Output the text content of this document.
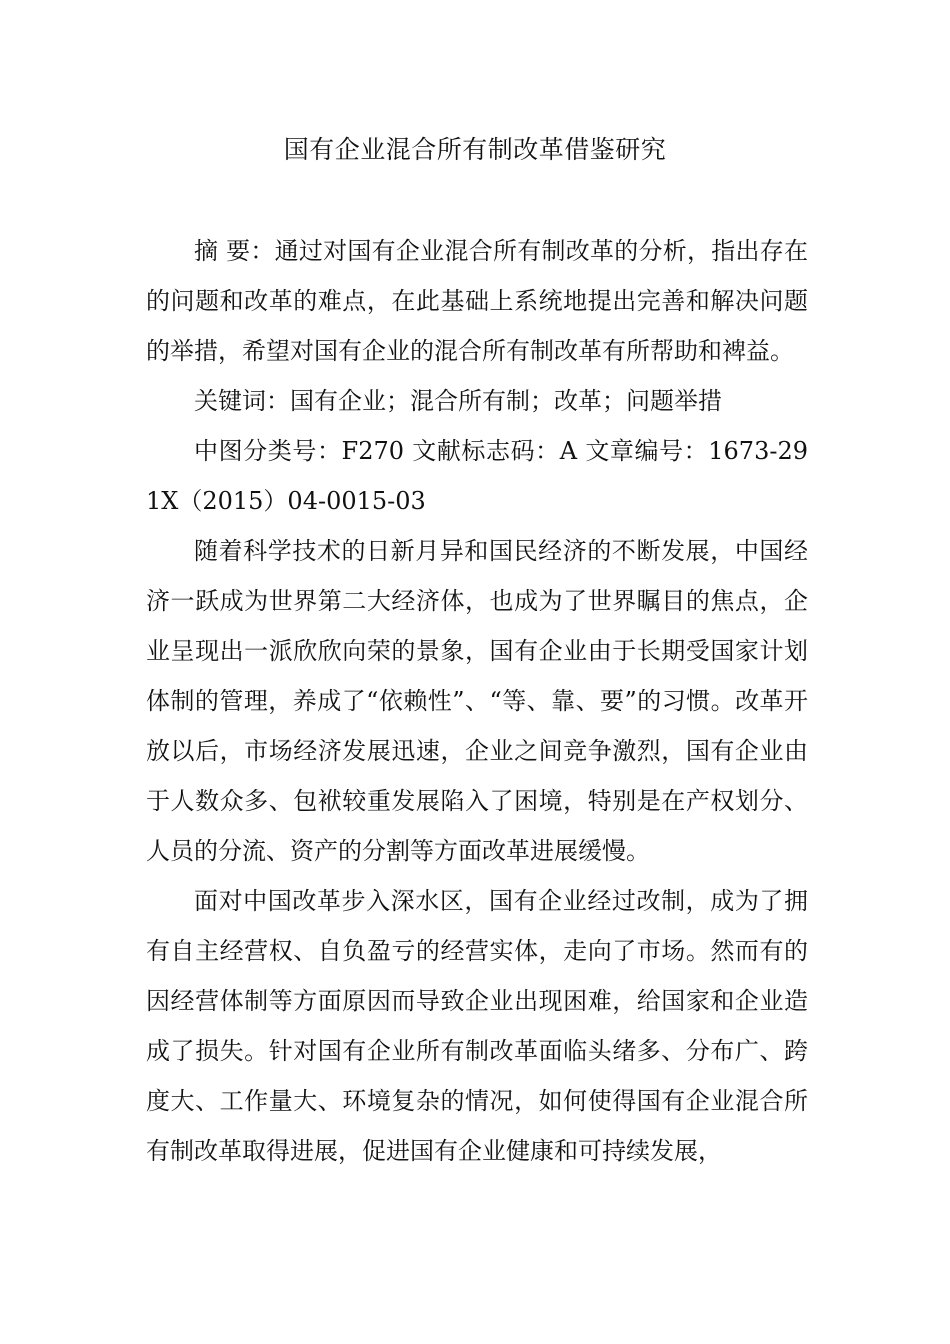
国有企业混合所有制改革借鉴研究

摘 要：通过对国有企业混合所有制改革的分析，指出存在的问题和改革的难点，在此基础上系统地提出完善和解决问题的举措，希望对国有企业的混合所有制改革有所帮助和裨益。

关键词：国有企业；混合所有制；改革；问题举措

中图分类号：F270 文献标志码：A 文章编号：1673-291X（2015）04-0015-03

随着科学技术的日新月异和国民经济的不断发展，中国经济一跃成为世界第二大经济体，也成为了世界瞩目的焦点，企业呈现出一派欣欣向荣的景象，国有企业由于长期受国家计划体制的管理，养成了“依赖性”、“等、靠、要”的习惯。改革开放以后，市场经济发展迅速，企业之间竞争激烈，国有企业由于人数众多、包袱较重发展陷入了困境，特别是在产权划分、人员的分流、资产的分割等方面改革进展缓慢。

面对中国改革步入深水区，国有企业经过改制，成为了拥有自主经营权、自负盈亏的经营实体，走向了市场。然而有的因经营体制等方面原因而导致企业出现困难，给国家和企业造成了损失。针对国有企业所有制改革面临头绪多、分布广、跨度大、工作量大、环境复杂的情况，如何使得国有企业混合所有制改革取得进展，促进国有企业健康和可持续发展，
